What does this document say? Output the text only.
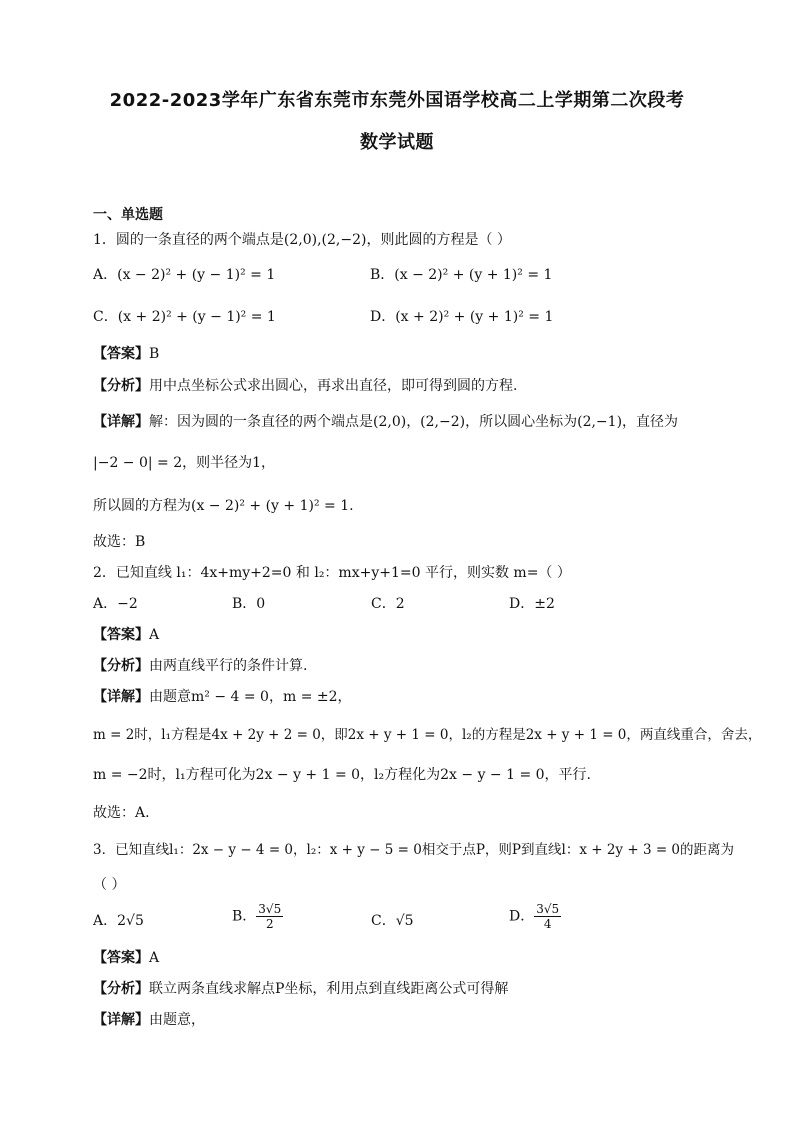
2022-2023学年广东省东莞市东莞外国语学校高二上学期第二次段考
数学试题
一、单选题
1．圆的一条直径的两个端点是(2,0),(2,−2)，则此圆的方程是（ ）
A．(x − 2)² + (y − 1)² = 1	B．(x − 2)² + (y + 1)² = 1
C．(x + 2)² + (y − 1)² = 1	D．(x + 2)² + (y + 1)² = 1
【答案】B
【分析】用中点坐标公式求出圆心，再求出直径，即可得到圆的方程.
【详解】解：因为圆的一条直径的两个端点是(2,0)，(2,−2)，所以圆心坐标为(2,−1)，直径为
|−2 − 0| = 2，则半径为1，
所以圆的方程为(x − 2)² + (y + 1)² = 1.
故选：B
2．已知直线 l₁：4x+my+2=0 和 l₂：mx+y+1=0 平行，则实数 m=（ ）
A．−2	B．0	C．2	D．±2
【答案】A
【分析】由两直线平行的条件计算.
【详解】由题意m² − 4 = 0，m = ±2，
m = 2时，l₁方程是4x + 2y + 2 = 0，即2x + y + 1 = 0，l₂的方程是2x + y + 1 = 0，两直线重合，舍去，
m = −2时，l₁方程可化为2x − y + 1 = 0，l₂方程化为2x − y − 1 = 0，平行.
故选：A.
3．已知直线l₁：2x − y − 4 = 0，l₂：x + y − 5 = 0相交于点P，则P到直线l：x + 2y + 3 = 0的距离为
（ ）
A．2√5	B． $\frac{3√5}{2}$	C．√5	D． $\frac{3√5}{4}$
【答案】A
【分析】联立两条直线求解点P坐标，利用点到直线距离公式可得解
【详解】由题意，
